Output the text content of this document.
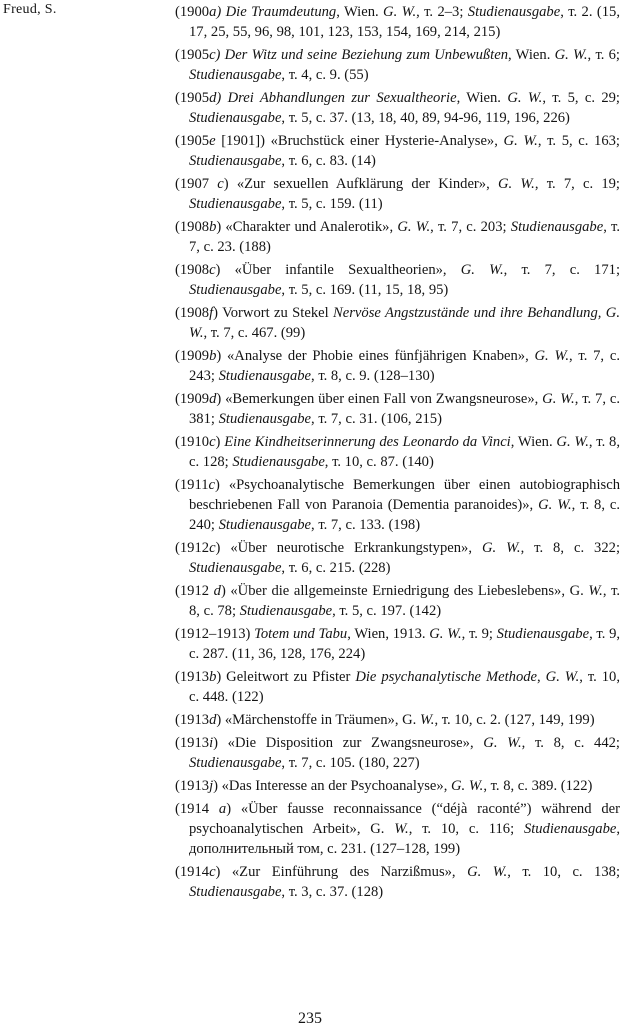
Freud, S.	(1900a) Die Traumdeutung, Wien. G. W., т. 2–3; Studienausgabe, т. 2. (15, 17, 25, 55, 96, 98, 101, 123, 153, 154, 169, 214, 215)

(1905c) Der Witz und seine Beziehung zum Unbewußten, Wien. G. W., т. 6; Studienausgabe, т. 4, с. 9. (55)

(1905d) Drei Abhandlungen zur Sexualtheorie, Wien. G. W., т. 5, с. 29; Studienausgabe, т. 5, с. 37. (13, 18, 40, 89, 94-96, 119, 196, 226)

(1905e [1901]) «Bruchstück einer Hysterie-Analyse», G. W., т. 5, с. 163; Studienausgabe, т. 6, с. 83. (14)

(1907 c) «Zur sexuellen Aufklärung der Kinder», G. W., т. 7, с. 19; Studienausgabe, т. 5, с. 159. (11)

(1908b) «Charakter und Analerotik», G. W., т. 7, с. 203; Studienausgabe, т. 7, с. 23. (188)

(1908c) «Über infantile Sexualtheorien», G. W., т. 7, с. 171; Studienausgabe, т. 5, с. 169. (11, 15, 18, 95)

(1908f) Vorwort zu Stekel Nervöse Angstzustände und ihre Behandlung, G. W., т. 7, с. 467. (99)

(1909b) «Analyse der Phobie eines fünfjährigen Knaben», G. W., т. 7, с. 243; Studienausgabe, т. 8, с. 9. (128–130)

(1909d) «Bemerkungen über einen Fall von Zwangsneurose», G. W., т. 7, с. 381; Studienausgabe, т. 7, с. 31. (106, 215)

(1910c) Eine Kindheitserinnerung des Leonardo da Vinci, Wien. G. W., т. 8, с. 128; Studienausgabe, т. 10, с. 87. (140)

(1911c) «Psychoanalytische Bemerkungen über einen autobiographisch beschriebenen Fall von Paranoia (Dementia paranoides)», G. W., т. 8, с. 240; Studienausgabe, т. 7, с. 133. (198)

(1912c) «Über neurotische Erkrankungstypen», G. W., т. 8, с. 322; Studienausgabe, т. 6, с. 215. (228)

(1912 d) «Über die allgemeinste Erniedrigung des Liebeslebens», G. W., т. 8, с. 78; Studienausgabe, т. 5, с. 197. (142)

(1912–1913) Totem und Tabu, Wien, 1913. G. W., т. 9; Studienausgabe, т. 9, с. 287. (11, 36, 128, 176, 224)

(1913b) Geleitwort zu Pfister Die psychanalytische Methode, G. W., т. 10, с. 448. (122)

(1913d) «Märchenstoffe in Träumen», G. W., т. 10, с. 2. (127, 149, 199)

(1913i) «Die Disposition zur Zwangsneurose», G. W., т. 8, с. 442; Studienausgabe, т. 7, с. 105. (180, 227)

(1913j) «Das Interesse an der Psychoanalyse», G. W., т. 8, с. 389. (122)

(1914 a) «Über fausse reconnaissance (“déjà raconté”) während der psychoanalytischen Arbeit», G. W., т. 10, с. 116; Studienausgabe, дополнительный том, с. 231. (127–128, 199)

(1914c) «Zur Einführung des Narzißmus», G. W., т. 10, с. 138; Studienausgabe, т. 3, с. 37. (128)

235
